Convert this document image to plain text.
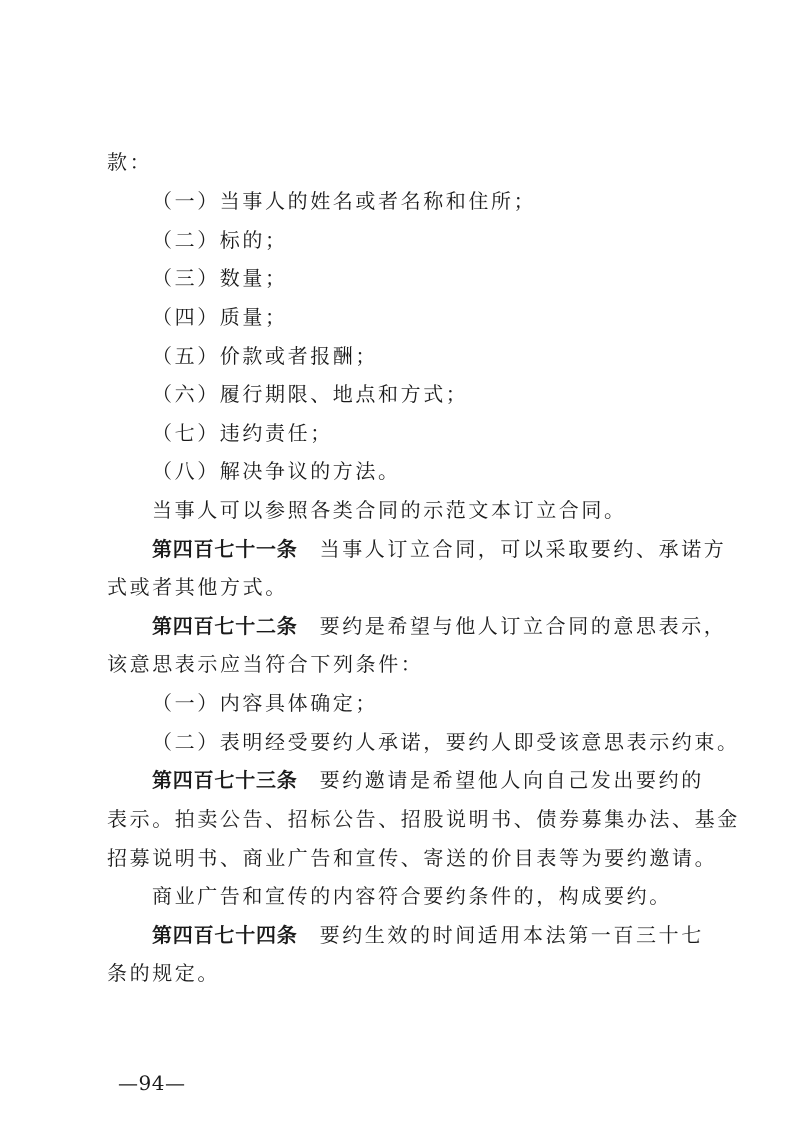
款：
（一）当事人的姓名或者名称和住所；
（二）标的；
（三）数量；
（四）质量；
（五）价款或者报酬；
（六）履行期限、地点和方式；
（七）违约责任；
（八）解决争议的方法。
当事人可以参照各类合同的示范文本订立合同。
第四百七十一条 当事人订立合同，可以采取要约、承诺方
式或者其他方式。
第四百七十二条 要约是希望与他人订立合同的意思表示，
该意思表示应当符合下列条件：
（一）内容具体确定；
（二）表明经受要约人承诺，要约人即受该意思表示约束。
第四百七十三条 要约邀请是希望他人向自己发出要约的
表示。拍卖公告、招标公告、招股说明书、债券募集办法、基金
招募说明书、商业广告和宣传、寄送的价目表等为要约邀请。
商业广告和宣传的内容符合要约条件的，构成要约。
第四百七十四条 要约生效的时间适用本法第一百三十七
条的规定。
—94—
